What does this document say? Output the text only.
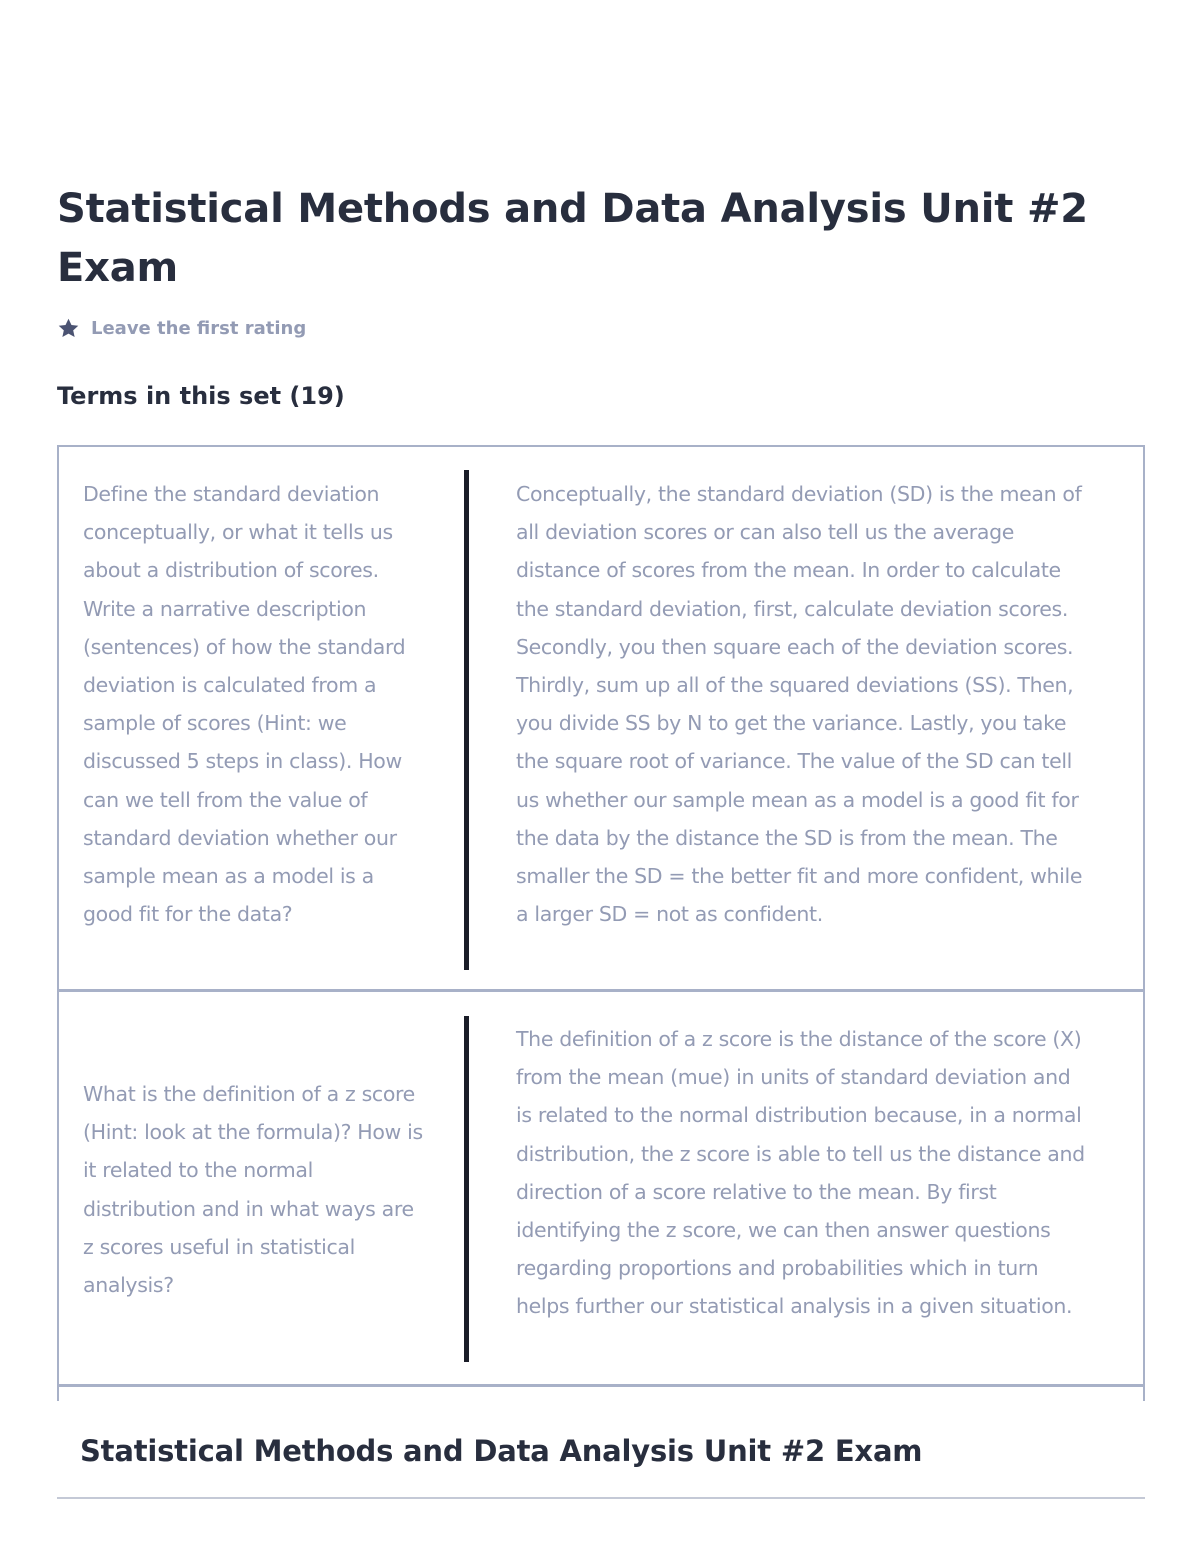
Statistical Methods and Data Analysis Unit #2 Exam
Leave the first rating
Terms in this set (19)

Define the standard deviation conceptually, or what it tells us about a distribution of scores. Write a narrative description (sentences) of how the standard deviation is calculated from a sample of scores (Hint: we discussed 5 steps in class). How can we tell from the value of standard deviation whether our sample mean as a model is a good fit for the data?

Conceptually, the standard deviation (SD) is the mean of all deviation scores or can also tell us the average distance of scores from the mean. In order to calculate the standard deviation, first, calculate deviation scores. Secondly, you then square each of the deviation scores. Thirdly, sum up all of the squared deviations (SS). Then, you divide SS by N to get the variance. Lastly, you take the square root of variance. The value of the SD can tell us whether our sample mean as a model is a good fit for the data by the distance the SD is from the mean. The smaller the SD = the better fit and more confident, while a larger SD = not as confident.

What is the definition of a z score (Hint: look at the formula)? How is it related to the normal distribution and in what ways are z scores useful in statistical analysis?

The definition of a z score is the distance of the score (X) from the mean (mue) in units of standard deviation and is related to the normal distribution because, in a normal distribution, the z score is able to tell us the distance and direction of a score relative to the mean. By first identifying the z score, we can then answer questions regarding proportions and probabilities which in turn helps further our statistical analysis in a given situation.

Statistical Methods and Data Analysis Unit #2 Exam
